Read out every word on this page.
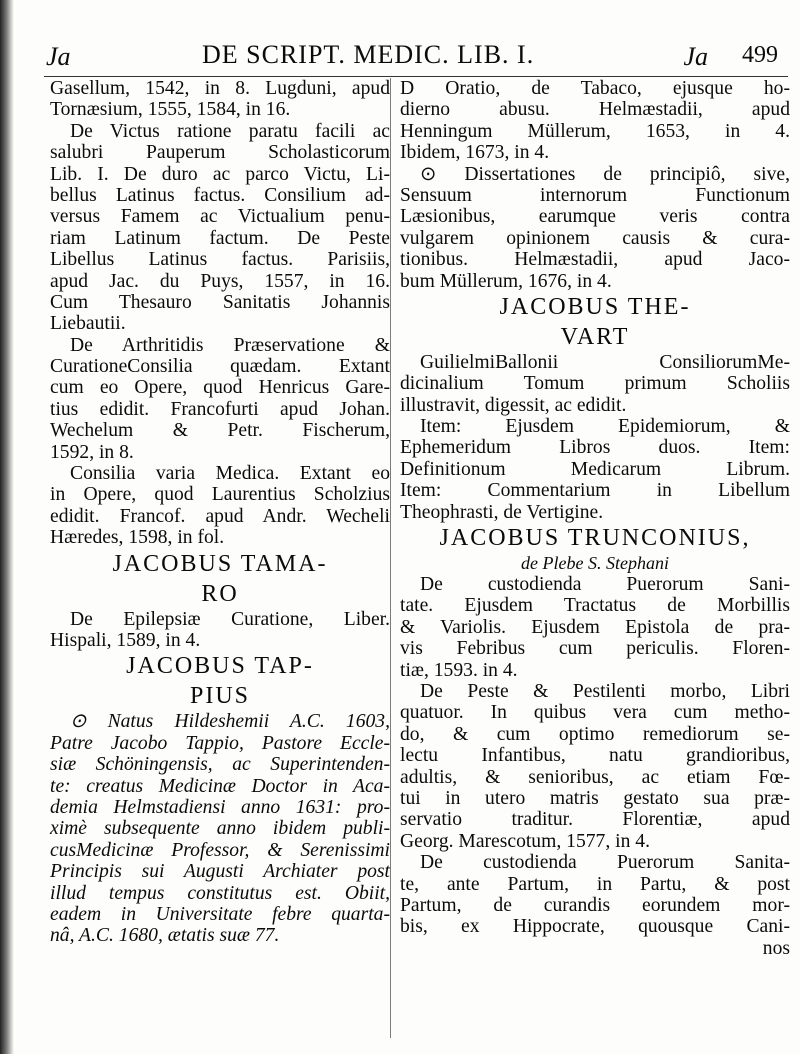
Ja	DE SCRIPT. MEDIC. LIB. I.	Ja 499
Gasellum, 1542, in 8. Lugduni, apud
Tornæsium, 1555, 1584, in 16.
De Victus ratione paratu facili ac
salubri Pauperum Scholasticorum
Lib. I. De duro ac parco Victu, Li-
bellus Latinus factus. Consilium ad-
versus Famem ac Victualium penu-
riam Latinum factum. De Peste
Libellus Latinus factus. Parisiis,
apud Jac. du Puys, 1557, in 16.
Cum Thesauro Sanitatis Johannis
Liebautii.
De Arthritidis Præservatione &
CurationeConsilia quædam. Extant
cum eo Opere, quod Henricus Gare-
tius edidit. Francofurti apud Johan.
Wechelum & Petr. Fischerum,
1592, in 8.
Consilia varia Medica. Extant eo
in Opere, quod Laurentius Scholzius
edidit. Francof. apud Andr. Wecheli
Hæredes, 1598, in fol.
JACOBUS TAMA-
RO
De Epilepsiæ Curatione, Liber.
Hispali, 1589, in 4.
JACOBUS TAP-
PIUS
⊙ Natus Hildeshemii A.C. 1603,
Patre Jacobo Tappio, Pastore Eccle-
siæ Schöningensis, ac Superintenden-
te: creatus Medicinæ Doctor in Aca-
demia Helmstadiensi anno 1631: pro-
ximè subsequente anno ibidem publi-
cusMedicinæ Professor, & Serenissimi
Principis sui Augusti Archiater post
illud tempus constitutus est. Obiit,
eadem in Universitate febre quarta-
nâ, A.C. 1680, ætatis suæ 77.
D Oratio, de Tabaco, ejusque ho-
dierno abusu. Helmæstadii, apud
Henningum Müllerum, 1653, in 4.
Ibidem, 1673, in 4.
⊙ Dissertationes de principiô, sive,
Sensuum internorum Functionum
Læsionibus, earumque veris contra
vulgarem opinionem causis & cura-
tionibus. Helmæstadii, apud Jaco-
bum Müllerum, 1676, in 4.
JACOBUS THE-
VART
GuilielmiBallonii ConsiliorumMe-
dicinalium Tomum primum Scholiis
illustravit, digessit, ac edidit.
Item: Ejusdem Epidemiorum, &
Ephemeridum Libros duos. Item:
Definitionum Medicarum Librum.
Item: Commentarium in Libellum
Theophrasti, de Vertigine.
JACOBUS TRUNCONIUS,
de Plebe S. Stephani
De custodienda Puerorum Sani-
tate. Ejusdem Tractatus de Morbillis
& Variolis. Ejusdem Epistola de pra-
vis Febribus cum periculis. Floren-
tiæ, 1593. in 4.
De Peste & Pestilenti morbo, Libri
quatuor. In quibus vera cum metho-
do, & cum optimo remediorum se-
lectu Infantibus, natu grandioribus,
adultis, & senioribus, ac etiam Fœ-
tui in utero matris gestato sua præ-
servatio traditur. Florentiæ, apud
Georg. Marescotum, 1577, in 4.
De custodienda Puerorum Sanita-
te, ante Partum, in Partu, & post
Partum, de curandis eorundem mor-
bis, ex Hippocrate, quousque Cani-
nos
